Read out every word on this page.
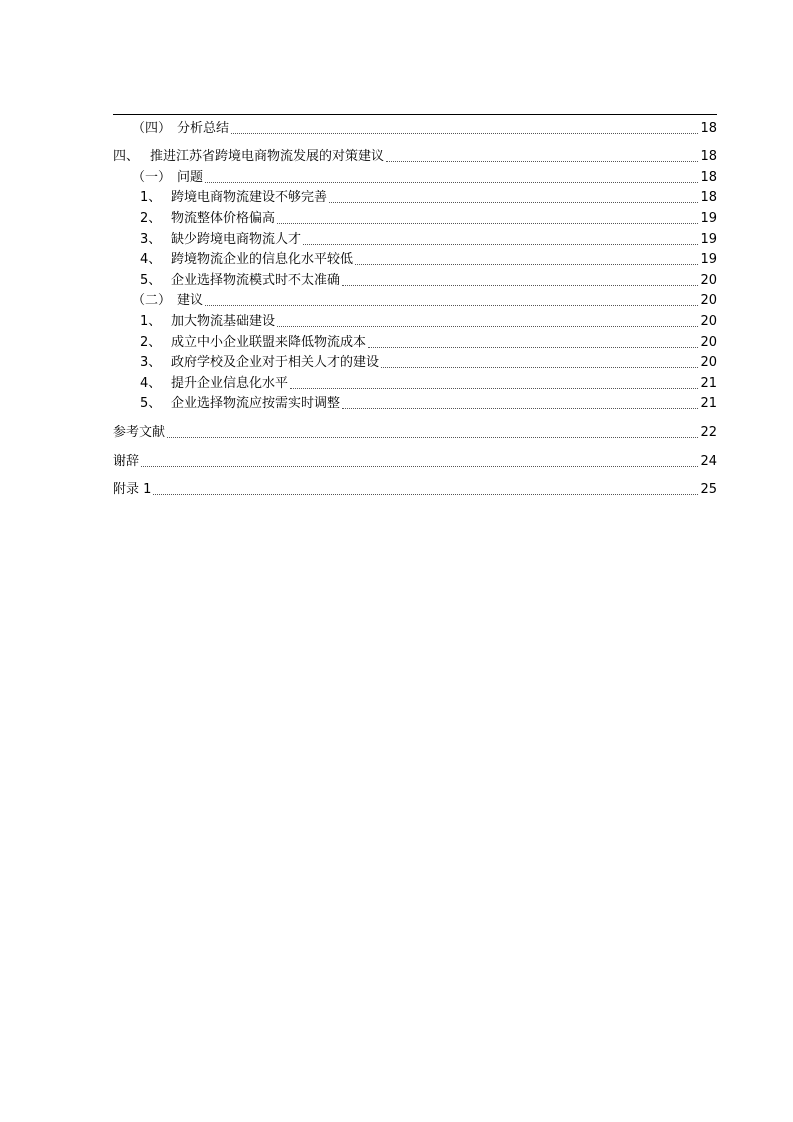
（四） 分析总结	18
四、 推进江苏省跨境电商物流发展的对策建议	18
（一） 问题	18
1、 跨境电商物流建设不够完善	18
2、 物流整体价格偏高	19
3、 缺少跨境电商物流人才	19
4、 跨境物流企业的信息化水平较低	19
5、 企业选择物流模式时不太准确	20
（二） 建议	20
1、 加大物流基础建设	20
2、 成立中小企业联盟来降低物流成本	20
3、 政府学校及企业对于相关人才的建设	20
4、 提升企业信息化水平	21
5、 企业选择物流应按需实时调整	21
参考文献	22
谢辞	24
附录 1	25
